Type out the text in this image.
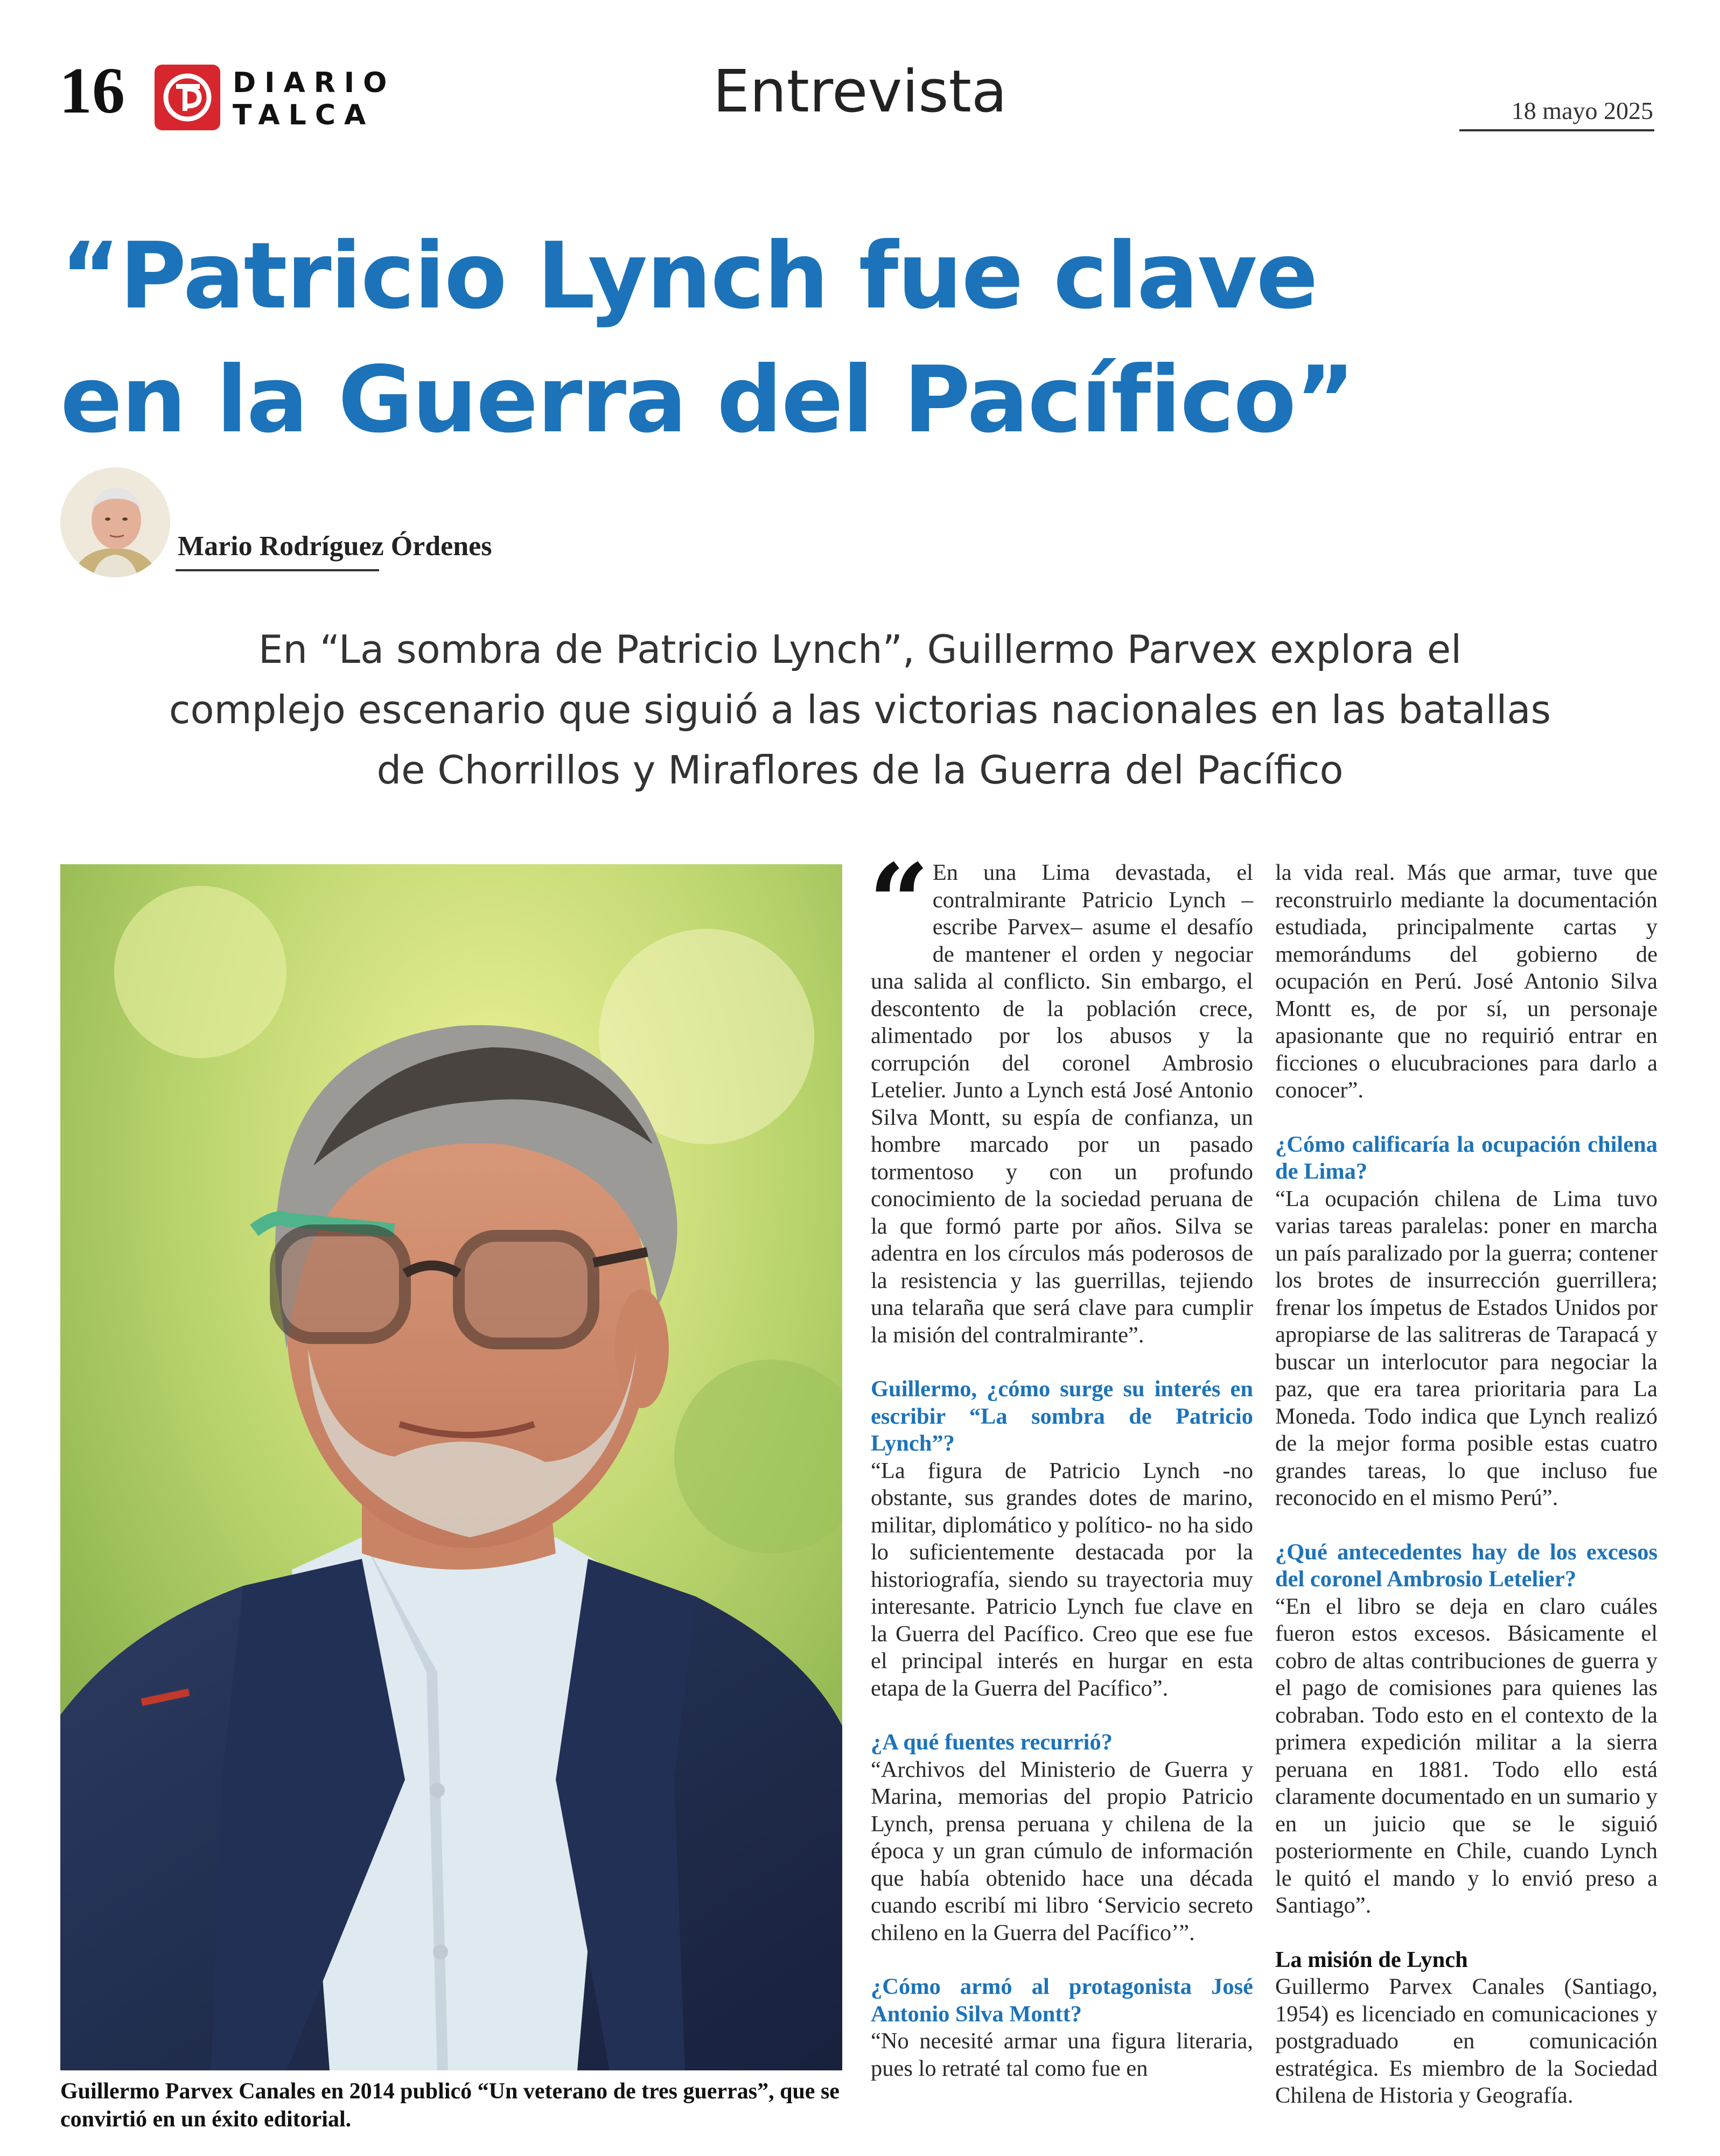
16	DIARIO
TALCA	Entrevista	18 mayo 2025
“Patricio Lynch fue clave
en la Guerra del Pacífico”
Mario Rodríguez Órdenes
En “La sombra de Patricio Lynch”, Guillermo Parvex explora el
complejo escenario que siguió a las victorias nacionales en las batallas
de Chorrillos y Miraflores de la Guerra del Pacífico
Guillermo Parvex Canales en 2014 publicó “Un veterano de tres guerras”, que se convirtió en un éxito editorial.
“ En una Lima devastada, el contralmirante Patricio Lynch –escribe Parvex– asume el desafío de mantener el orden y negociar una salida al conflicto. Sin embargo, el descontento de la población crece, alimentado por los abusos y la corrupción del coronel Ambrosio Letelier. Junto a Lynch está José Antonio Silva Montt, su espía de confianza, un hombre marcado por un pasado tormentoso y con un profundo conocimiento de la sociedad peruana de la que formó parte por años. Silva se adentra en los círculos más poderosos de la resistencia y las guerrillas, tejiendo una telaraña que será clave para cumplir la misión del contralmirante”.

Guillermo, ¿cómo surge su interés en escribir “La sombra de Patricio Lynch”?

“La figura de Patricio Lynch -no obstante, sus grandes dotes de marino, militar, diplomático y político- no ha sido lo suficientemente destacada por la historiografía, siendo su trayectoria muy interesante. Patricio Lynch fue clave en la Guerra del Pacífico. Creo que ese fue el principal interés en hurgar en esta etapa de la Guerra del Pacífico”.

¿A qué fuentes recurrió?

“Archivos del Ministerio de Guerra y Marina, memorias del propio Patricio Lynch, prensa peruana y chilena de la época y un gran cúmulo de información que había obtenido hace una década cuando escribí mi libro ‘Servicio secreto chileno en la Guerra del Pacífico’”.

¿Cómo armó al protagonista José Antonio Silva Montt?

“No necesité armar una figura literaria, pues lo retraté tal como fue en

la vida real. Más que armar, tuve que reconstruirlo mediante la documentación estudiada, principalmente cartas y memorándums del gobierno de ocupación en Perú. José Antonio Silva Montt es, de por sí, un personaje apasionante que no requirió entrar en ficciones o elucubraciones para darlo a conocer”.

¿Cómo calificaría la ocupación chilena de Lima?

“La ocupación chilena de Lima tuvo varias tareas paralelas: poner en marcha un país paralizado por la guerra; contener los brotes de insurrección guerrillera; frenar los ímpetus de Estados Unidos por apropiarse de las salitreras de Tarapacá y buscar un interlocutor para negociar la paz, que era tarea prioritaria para La Moneda. Todo indica que Lynch realizó de la mejor forma posible estas cuatro grandes tareas, lo que incluso fue reconocido en el mismo Perú”.

¿Qué antecedentes hay de los excesos del coronel Ambrosio Letelier?

“En el libro se deja en claro cuáles fueron estos excesos. Básicamente el cobro de altas contribuciones de guerra y el pago de comisiones para quienes las cobraban. Todo esto en el contexto de la primera expedición militar a la sierra peruana en 1881. Todo ello está claramente documentado en un sumario y en un juicio que se le siguió posteriormente en Chile, cuando Lynch le quitó el mando y lo envió preso a Santiago”.

La misión de Lynch

Guillermo Parvex Canales (Santiago, 1954) es licenciado en comunicaciones y postgraduado en comunicación estratégica. Es miembro de la Sociedad Chilena de Historia y Geografía.
